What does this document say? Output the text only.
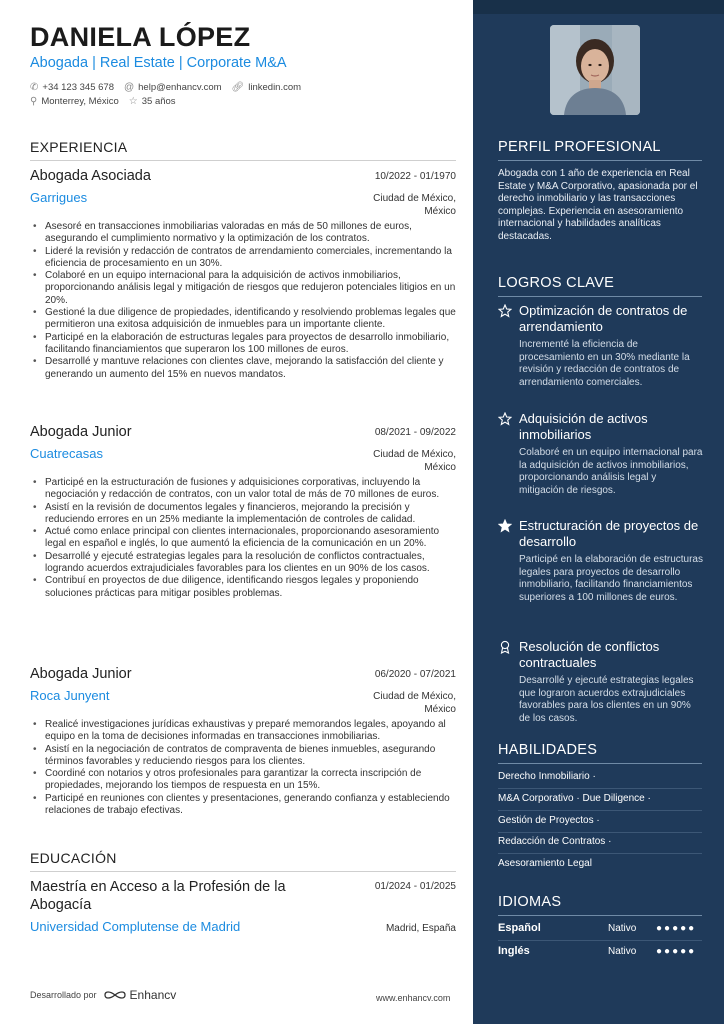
DANIELA LÓPEZ
Abogada | Real Estate | Corporate M&A
✆ +34 123 345 678 @ help@enhancv.com 🔗︎ linkedin.com
⚲ Monterrey, México ☆ 35 años
EXPERIENCIA
Abogada Asociada	10/2022 - 01/1970
Garrigues	Ciudad de México,
México
• Asesoré en transacciones inmobiliarias valoradas en más de 50 millones de euros, asegurando el cumplimiento normativo y la optimización de los contratos.
• Lideré la revisión y redacción de contratos de arrendamiento comerciales, incrementando la eficiencia de procesamiento en un 30%.
• Colaboré en un equipo internacional para la adquisición de activos inmobiliarios, proporcionando análisis legal y mitigación de riesgos que redujeron potenciales litigios en un 20%.
• Gestioné la due diligence de propiedades, identificando y resolviendo problemas legales que permitieron una exitosa adquisición de inmuebles para un importante cliente.
• Participé en la elaboración de estructuras legales para proyectos de desarrollo inmobiliario, facilitando financiamientos que superaron los 100 millones de euros.
• Desarrollé y mantuve relaciones con clientes clave, mejorando la satisfacción del cliente y generando un aumento del 15% en nuevos mandatos.
Abogada Junior	08/2021 - 09/2022
Cuatrecasas	Ciudad de México,
México
• Participé en la estructuración de fusiones y adquisiciones corporativas, incluyendo la negociación y redacción de contratos, con un valor total de más de 70 millones de euros.
• Asistí en la revisión de documentos legales y financieros, mejorando la precisión y reduciendo errores en un 25% mediante la implementación de controles de calidad.
• Actué como enlace principal con clientes internacionales, proporcionando asesoramiento legal en español e inglés, lo que aumentó la eficiencia de la comunicación en un 20%.
• Desarrollé y ejecuté estrategias legales para la resolución de conflictos contractuales, logrando acuerdos extrajudiciales favorables para los clientes en un 90% de los casos.
• Contribuí en proyectos de due diligence, identificando riesgos legales y proponiendo soluciones prácticas para mitigar posibles problemas.
Abogada Junior	06/2020 - 07/2021
Roca Junyent	Ciudad de México,
México
• Realicé investigaciones jurídicas exhaustivas y preparé memorandos legales, apoyando al equipo en la toma de decisiones informadas en transacciones inmobiliarias.
• Asistí en la negociación de contratos de compraventa de bienes inmuebles, asegurando términos favorables y reduciendo riesgos para los clientes.
• Coordiné con notarios y otros profesionales para garantizar la correcta inscripción de propiedades, mejorando los tiempos de respuesta en un 15%.
• Participé en reuniones con clientes y presentaciones, generando confianza y estableciendo relaciones de trabajo efectivas.
EDUCACIÓN
Maestría en Acceso a la Profesión de la Abogacía
01/2024 - 01/2025
Universidad Complutense de Madrid	Madrid, España
Desarrollado por	Enhancv	www.enhancv.com
PERFIL PROFESIONAL
Abogada con 1 año de experiencia en Real Estate y M&A Corporativo, apasionada por el derecho inmobiliario y las transacciones complejas. Experiencia en asesoramiento internacional y habilidades analíticas destacadas.
LOGROS CLAVE
Optimización de contratos de arrendamiento
Incrementé la eficiencia de procesamiento en un 30% mediante la revisión y redacción de contratos de arrendamiento comerciales.
Adquisición de activos inmobiliarios
Colaboré en un equipo internacional para la adquisición de activos inmobiliarios, proporcionando análisis legal y mitigación de riesgos.
Estructuración de proyectos de desarrollo
Participé en la elaboración de estructuras legales para proyectos de desarrollo inmobiliario, facilitando financiamientos superiores a 100 millones de euros.
Resolución de conflictos contractuales
Desarrollé y ejecuté estrategias legales que lograron acuerdos extrajudiciales favorables para los clientes en un 90% de los casos.
HABILIDADES
Derecho Inmobiliario ·
M&A Corporativo · Due Diligence ·
Gestión de Proyectos ·
Redacción de Contratos ·
Asesoramiento Legal
IDIOMAS
Español	Nativo	●●●●●
Inglés	Nativo	●●●●●
